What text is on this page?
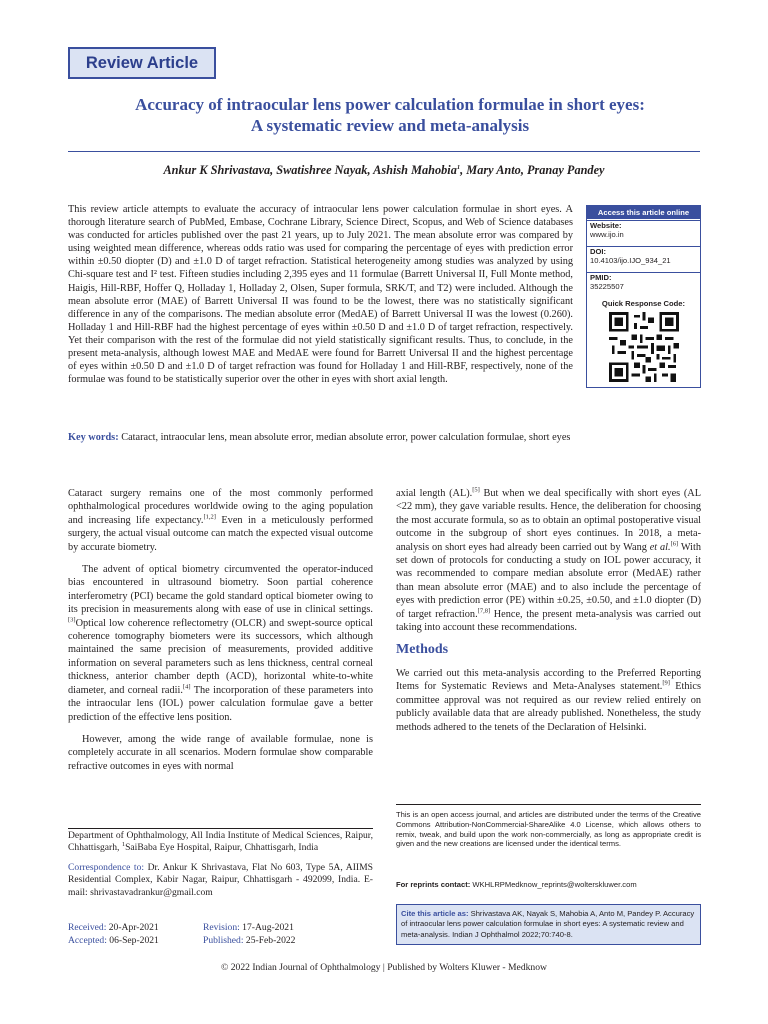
Review Article
Accuracy of intraocular lens power calculation formulae in short eyes:
A systematic review and meta-analysis
Ankur K Shrivastava, Swatishree Nayak, Ashish Mahobia$^1$, Mary Anto, Pranay Pandey
This review article attempts to evaluate the accuracy of intraocular lens power calculation formulae in short eyes. A thorough literature search of PubMed, Embase, Cochrane Library, Science Direct, Scopus, and Web of Science databases was conducted for articles published over the past 21 years, up to July 2021. The mean absolute error was compared by using weighted mean difference, whereas odds ratio was used for comparing the percentage of eyes with prediction error within ±0.50 diopter (D) and ±1.0 D of target refraction. Statistical heterogeneity among studies was analyzed by using Chi-square test and I² test. Fifteen studies including 2,395 eyes and 11 formulae (Barrett Universal II, Full Monte method, Haigis, Hill-RBF, Hoffer Q, Holladay 1, Holladay 2, Olsen, Super formula, SRK/T, and T2) were included. Although the mean absolute error (MAE) of Barrett Universal II was found to be the lowest, there was no statistically significant difference in any of the comparisons. The median absolute error (MedAE) of Barrett Universal II was the lowest (0.260). Holladay 1 and Hill-RBF had the highest percentage of eyes within ±0.50 D and ±1.0 D of target refraction, respectively. Yet their comparison with the rest of the formulae did not yield statistically significant results. Thus, to conclude, in the present meta-analysis, although lowest MAE and MedAE were found for Barrett Universal II and the highest percentage of eyes within ±0.50 D and ±1.0 D of target refraction was found for Holladay 1 and Hill-RBF, respectively, none of the formulae was found to be statistically superior over the other in eyes with short axial length.
Access this article online
Website:
www.ijo.in
DOI:
10.4103/ijo.IJO_934_21
PMID:
35225507
Quick Response Code:
Key words: Cataract, intraocular lens, mean absolute error, median absolute error, power calculation formulae, short eyes

Cataract surgery remains one of the most commonly performed ophthalmological procedures worldwide owing to the aging population and increasing life expectancy.[1,2] Even in a meticulously performed surgery, the actual visual outcome can match the expected visual outcome by accurate biometry.

The advent of optical biometry circumvented the operator-induced bias encountered in ultrasound biometry. Soon partial coherence interferometry (PCI) became the gold standard optical biometer owing to its precision in measurements along with ease of use in clinical settings.[3]Optical low coherence reflectometry (OLCR) and swept-source optical coherence tomography biometers were its successors, which although maintained the same precision of measurements, provided additive information on several parameters such as lens thickness, central corneal thickness, anterior chamber depth (ACD), horizontal white-to-white diameter, and corneal radii.[4] The incorporation of these parameters into the intraocular lens (IOL) power calculation formulae gave a better prediction of the effective lens position.

However, among the wide range of available formulae, none is completely accurate in all scenarios. Modern formulae show comparable refractive outcomes in eyes with normal

axial length (AL).[5] But when we deal specifically with short eyes (AL <22 mm), they gave variable results. Hence, the deliberation for choosing the most accurate formula, so as to obtain an optimal postoperative visual outcome in the subgroup of short eyes continues. In 2018, a meta-analysis on short eyes had already been carried out by Wang et al.[6] With set down of protocols for conducting a study on IOL power accuracy, it was recommended to compare median absolute error (MedAE) rather than mean absolute error (MAE) and to also include the percentage of eyes with prediction error (PE) within ±0.25, ±0.50, and ±1.0 diopter (D) of target refraction.[7,8] Hence, the present meta-analysis was carried out taking into account these recommendations.

Methods

We carried out this meta-analysis according to the Preferred Reporting Items for Systematic Reviews and Meta-Analyses statement.[9] Ethics committee approval was not required as our review relied entirely on publicly available data that are already published. Nonetheless, the study methods adhered to the tenets of the Declaration of Helsinki.

Department of Ophthalmology, All India Institute of Medical Sciences, Raipur, Chhattisgarh, $^1$SaiBaba Eye Hospital, Raipur, Chhattisgarh, India
Correspondence to: Dr. Ankur K Shrivastava, Flat No 603, Type 5A, AIIMS Residential Complex, Kabir Nagar, Raipur, Chhattisgarh - 492099, India. E-mail: shrivastavadrankur@gmail.com
Received: 20-Apr-2021	Revision: 17-Aug-2021
Accepted: 06-Sep-2021	Published: 25-Feb-2022
This is an open access journal, and articles are distributed under the terms of the Creative Commons Attribution-NonCommercial-ShareAlike 4.0 License, which allows others to remix, tweak, and build upon the work non-commercially, as long as appropriate credit is given and the new creations are licensed under the identical terms.
For reprints contact: WKHLRPMedknow_reprints@wolterskluwer.com
Cite this article as: Shrivastava AK, Nayak S, Mahobia A, Anto M, Pandey P. Accuracy of intraocular lens power calculation formulae in short eyes: A systematic review and meta-analysis. Indian J Ophthalmol 2022;70:740-8.
© 2022 Indian Journal of Ophthalmology | Published by Wolters Kluwer - Medknow
